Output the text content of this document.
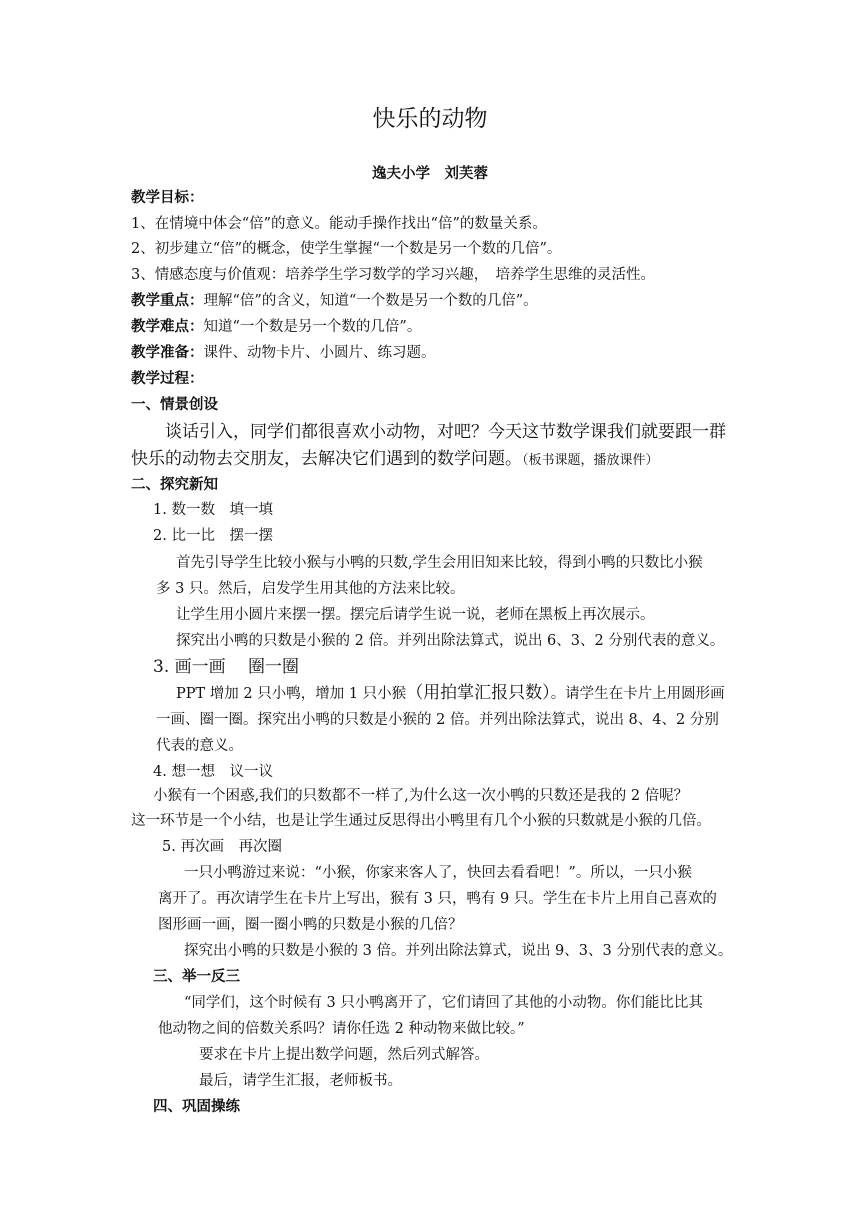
快乐的动物
逸夫小学　刘芙蓉
教学目标：
1、在情境中体会“倍”的意义。能动手操作找出“倍”的数量关系。
2、初步建立“倍”的概念，使学生掌握“一个数是另一个数的几倍”。
3、情感态度与价值观：培养学生学习数学的学习兴趣，　培养学生思维的灵活性。
教学重点：理解“倍”的含义，知道“一个数是另一个数的几倍”。
教学难点：知道“一个数是另一个数的几倍”。
教学准备：课件、动物卡片、小圆片、练习题。
教学过程：
一、情景创设
谈话引入，同学们都很喜欢小动物，对吧？今天这节数学课我们就要跟一群
快乐的动物去交朋友，去解决它们遇到的数学问题。（板书课题，播放课件）
二、探究新知
1. 数一数　填一填
2. 比一比　摆一摆
首先引导学生比较小猴与小鸭的只数,学生会用旧知来比较，得到小鸭的只数比小猴
多 3 只。然后，启发学生用其他的方法来比较。
让学生用小圆片来摆一摆。摆完后请学生说一说，老师在黑板上再次展示。
探究出小鸭的只数是小猴的 2 倍。并列出除法算式，说出 6、3、2 分别代表的意义。
3. 画一画　 圈一圈
PPT 增加 2 只小鸭，增加 1 只小猴（用拍掌汇报只数）。请学生在卡片上用圆形画
一画、圈一圈。探究出小鸭的只数是小猴的 2 倍。并列出除法算式，说出 8、4、2 分别
代表的意义。
4. 想一想　议一议
小猴有一个困惑,我们的只数都不一样了,为什么这一次小鸭的只数还是我的 2 倍呢？
这一环节是一个小结，也是让学生通过反思得出小鸭里有几个小猴的只数就是小猴的几倍。
5. 再次画　再次圈
一只小鸭游过来说：“小猴，你家来客人了，快回去看看吧！”。所以，一只小猴
离开了。再次请学生在卡片上写出，猴有 3 只，鸭有 9 只。学生在卡片上用自己喜欢的
图形画一画，圈一圈小鸭的只数是小猴的几倍？
探究出小鸭的只数是小猴的 3 倍。并列出除法算式，说出 9、3、3 分别代表的意义。
三、举一反三
“同学们，这个时候有 3 只小鸭离开了，它们请回了其他的小动物。你们能比比其
他动物之间的倍数关系吗？请你任选 2 种动物来做比较。”
要求在卡片上提出数学问题，然后列式解答。
最后，请学生汇报，老师板书。
四、巩固操练
